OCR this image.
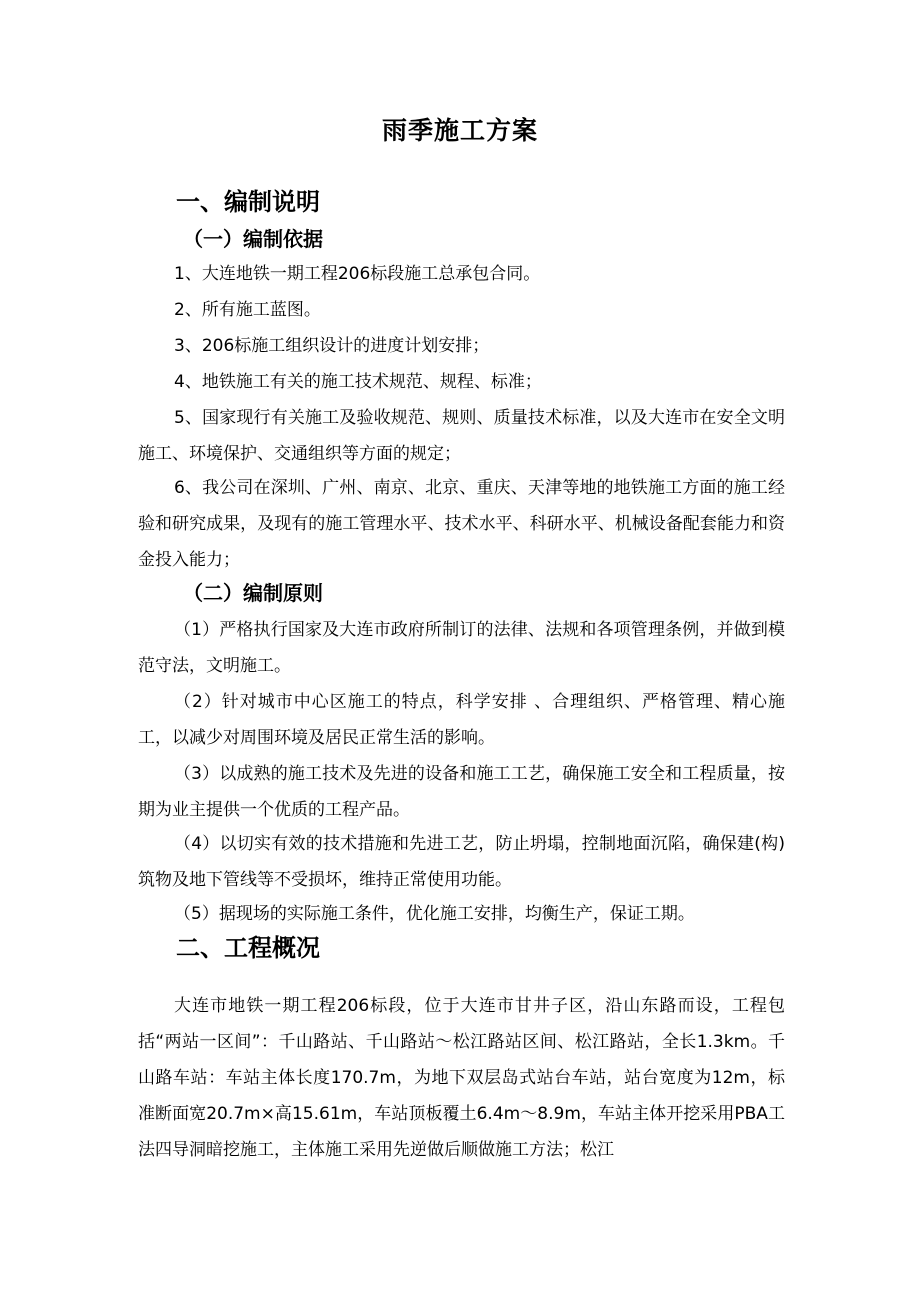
雨季施工方案
一、编制说明
（一）编制依据

1、大连地铁一期工程206标段施工总承包合同。

2、所有施工蓝图。

3、206标施工组织设计的进度计划安排；

4、地铁施工有关的施工技术规范、规程、标准；

5、国家现行有关施工及验收规范、规则、质量技术标准，以及大连市在安全文明施工、环境保护、交通组织等方面的规定；

6、我公司在深圳、广州、南京、北京、重庆、天津等地的地铁施工方面的施工经验和研究成果，及现有的施工管理水平、技术水平、科研水平、机械设备配套能力和资金投入能力；

（二）编制原则

（1）严格执行国家及大连市政府所制订的法律、法规和各项管理条例，并做到模范守法，文明施工。

（2）针对城市中心区施工的特点，科学安排 、合理组织、严格管理、精心施工，以减少对周围环境及居民正常生活的影响。

（3）以成熟的施工技术及先进的设备和施工工艺，确保施工安全和工程质量，按期为业主提供一个优质的工程产品。

（4）以切实有效的技术措施和先进工艺，防止坍塌，控制地面沉陷，确保建(构)筑物及地下管线等不受损坏，维持正常使用功能。

（5）据现场的实际施工条件，优化施工安排，均衡生产，保证工期。

二、工程概况

大连市地铁一期工程206标段，位于大连市甘井子区，沿山东路而设，工程包括“两站一区间”：千山路站、千山路站～松江路站区间、松江路站，全长1.3km。千山路车站：车站主体长度170.7m，为地下双层岛式站台车站，站台宽度为12m，标准断面宽20.7m×高15.61m，车站顶板覆土6.4m～8.9m，车站主体开挖采用PBA工法四导洞暗挖施工，主体施工采用先逆做后顺做施工方法；松江
